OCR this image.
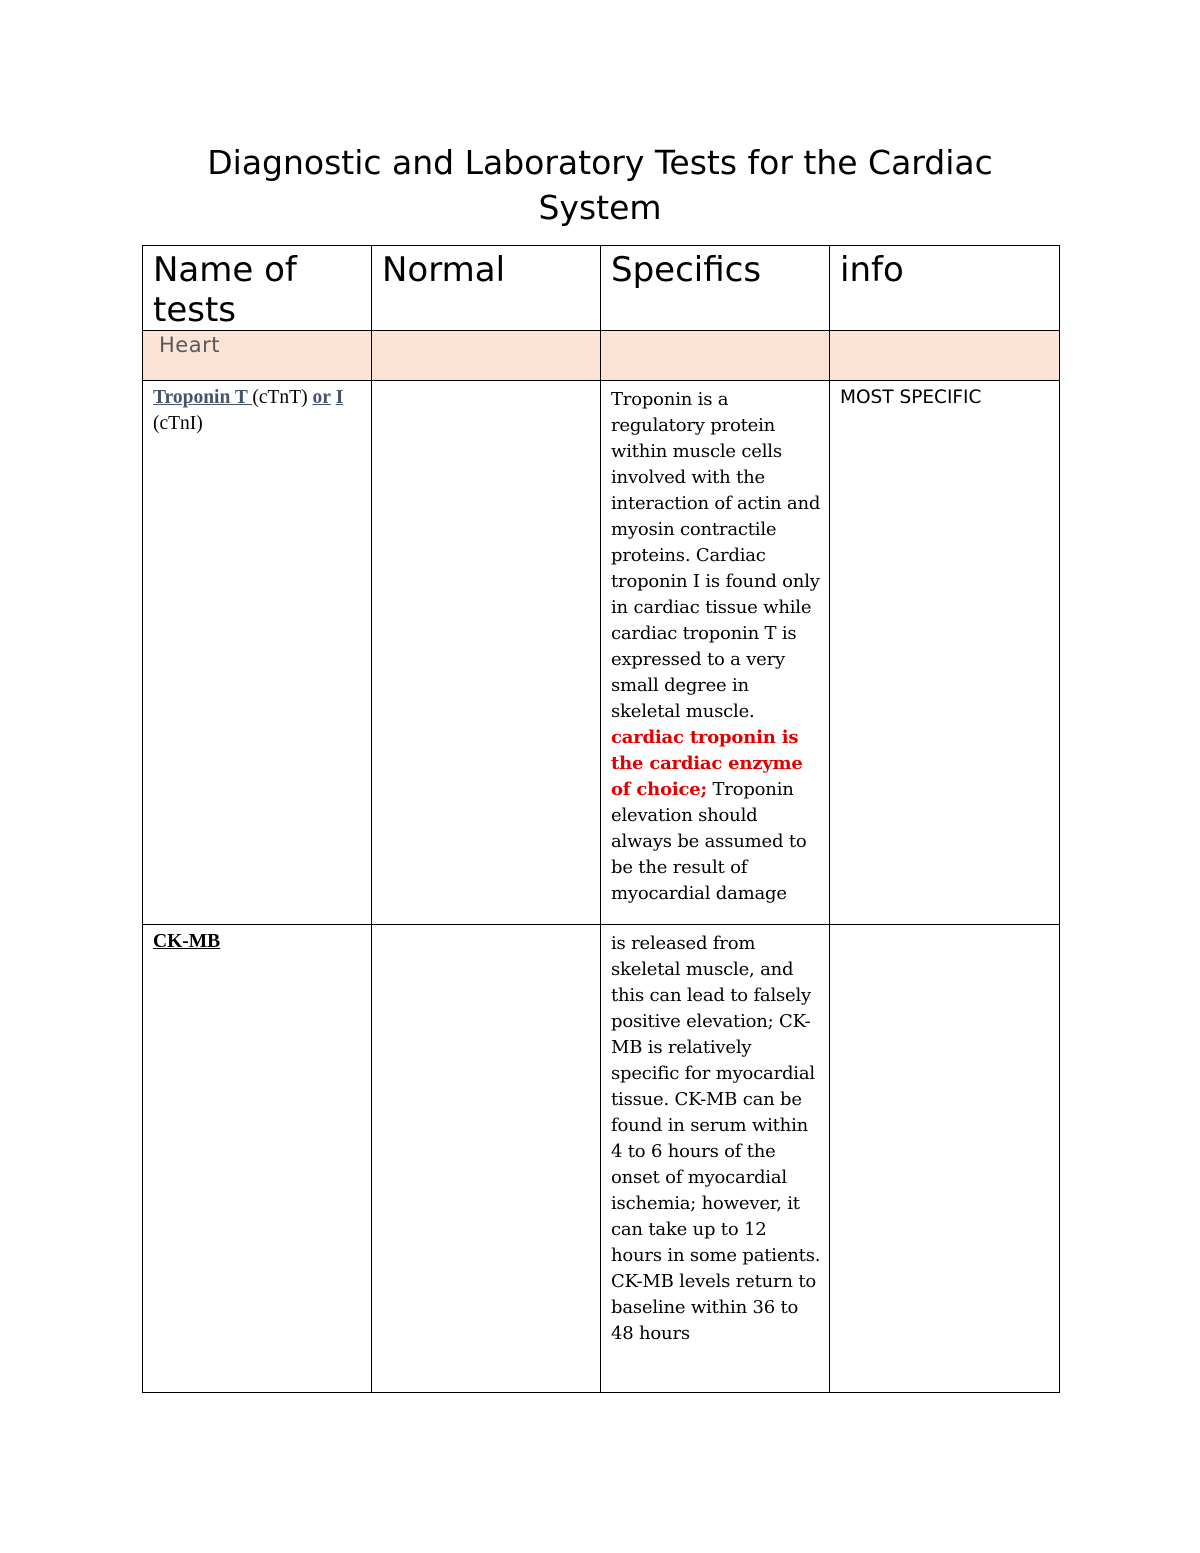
Diagnostic and Laboratory Tests for the Cardiac System
Name of tests	Normal	Specifics	info

Heart			

Troponin T (cTnT) or I (cTnI)		Troponin is a regulatory protein within muscle cells involved with the interaction of actin and myosin contractile proteins. Cardiac troponin I is found only in cardiac tissue while cardiac troponin T is expressed to a very small degree in skeletal muscle. cardiac troponin is the cardiac enzyme of choice; Troponin elevation should always be assumed to be the result of myocardial damage	MOST SPECIFIC

CK-MB		is released from skeletal muscle, and this can lead to falsely positive elevation; CK-MB is relatively specific for myocardial tissue. CK-MB can be found in serum within 4 to 6 hours of the onset of myocardial ischemia; however, it can take up to 12 hours in some patients. CK-MB levels return to baseline within 36 to 48 hours	
